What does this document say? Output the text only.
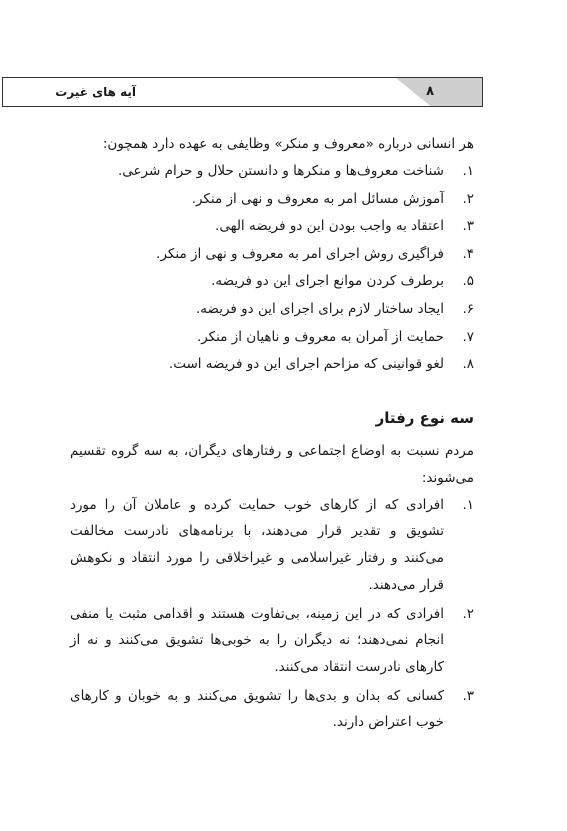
۸
آیه های غیرت

هر انسانی درباره «معروف و منکر» وظایفی به عهده دارد همچون:

۱.
شناخت معروف‌ها و منکرها و دانستن حلال و حرام شرعی.
۲.
آموزش مسائل امر به معروف و نهی از منکر.
۳.
اعتقاد به واجب بودن این دو فریضه الهی.
۴.
فراگیری روش اجرای امر به معروف و نهی از منکر.
۵.
برطرف کردن موانع اجرای این دو فریضه.
۶.
ایجاد ساختار لازم برای اجرای این دو فریضه.
۷.
حمایت از آمران به معروف و ناهیان از منکر.
۸.
لغو قوانینی که مزاحم اجرای این دو فریضه است.
سه نوع رفتار

مردم نسبت به اوضاع اجتماعی و رفتارهای دیگران، به سه گروه تقسیم می‌شوند:

۱.
افرادی که از کارهای خوب حمایت کرده و عاملان آن را مورد تشویق و تقدیر قرار می‌دهند، با برنامه‌های نادرست مخالفت می‌کنند و رفتار غیراسلامی و غیراخلاقی را مورد انتقاد و نکوهش قرار می‌دهند.
۲.
افرادی که در این زمینه، بی‌تفاوت هستند و اقدامی مثبت یا منفی انجام نمی‌دهند؛ نه دیگران را به خوبی‌ها تشویق می‌کنند و نه از کارهای نادرست انتقاد می‌کنند.
۳.
کسانی که بدان و بدی‌ها را تشویق می‌کنند و به خوبان و کارهای خوب اعتراض دارند.
